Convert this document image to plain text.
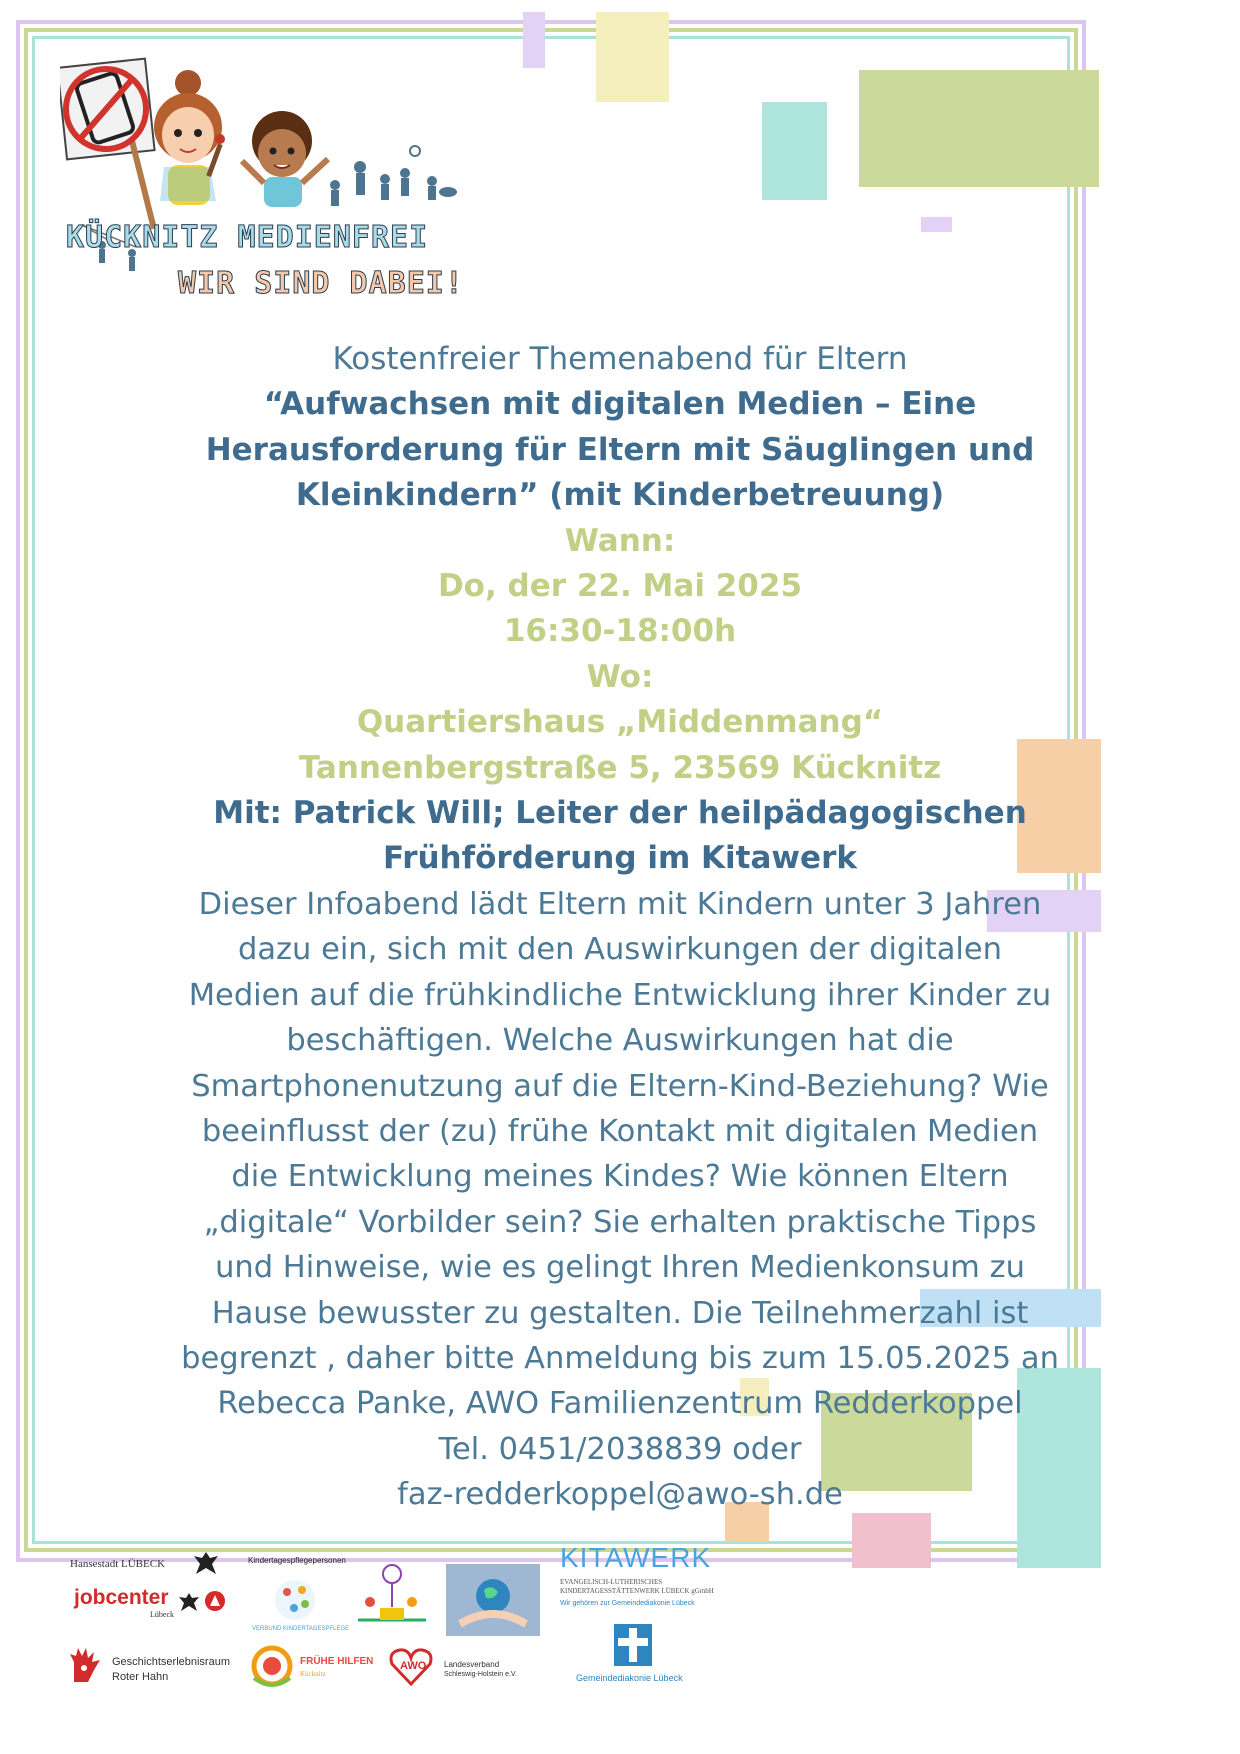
KÜCKNITZ MEDIENFREI
WIR SIND DABEI!
Kostenfreier Themenabend für Eltern
“Aufwachsen mit digitalen Medien – Eine
Herausforderung für Eltern mit Säuglingen und
Kleinkindern” (mit Kinderbetreuung)
Wann:
Do, der 22. Mai 2025
16:30-18:00h
Wo:
Quartiershaus „Middenmang“
Tannenbergstraße 5, 23569 Kücknitz
Mit: Patrick Will; Leiter der heilpädagogischen
Frühförderung im Kitawerk
Dieser Infoabend lädt Eltern mit Kindern unter 3 Jahren
dazu ein, sich mit den Auswirkungen der digitalen
Medien auf die frühkindliche Entwicklung ihrer Kinder zu
beschäftigen. Welche Auswirkungen hat die
Smartphonenutzung auf die Eltern-Kind-Beziehung? Wie
beeinflusst der (zu) frühe Kontakt mit digitalen Medien
die Entwicklung meines Kindes? Wie können Eltern
„digitale“ Vorbilder sein? Sie erhalten praktische Tipps
und Hinweise, wie es gelingt Ihren Medienkonsum zu
Hause bewusster zu gestalten. Die Teilnehmerzahl ist
begrenzt , daher bitte Anmeldung bis zum 15.05.2025 an
Rebecca Panke, AWO Familienzentrum Redderkoppel
Tel. 0451/2038839 oder
faz-redderkoppel@awo-sh.de
Hansestadt LÜBECK
jobcenter
Lübeck
Kindertagespflegepersonen
VERBUND KINDERTAGESPFLEGE
KITAWERK
EVANGELISCH-LUTHERISCHES
KINDERTAGESSTÄTTENWERK LÜBECK gGmbH
Wir gehören zur Gemeindediakonie Lübeck
Geschichtserlebnisraum
Roter Hahn
FRÜHE HILFEN
Kücknitz
AWO Landesverband
Schleswig-Holstein e.V.	Gemeindediakonie Lübeck
